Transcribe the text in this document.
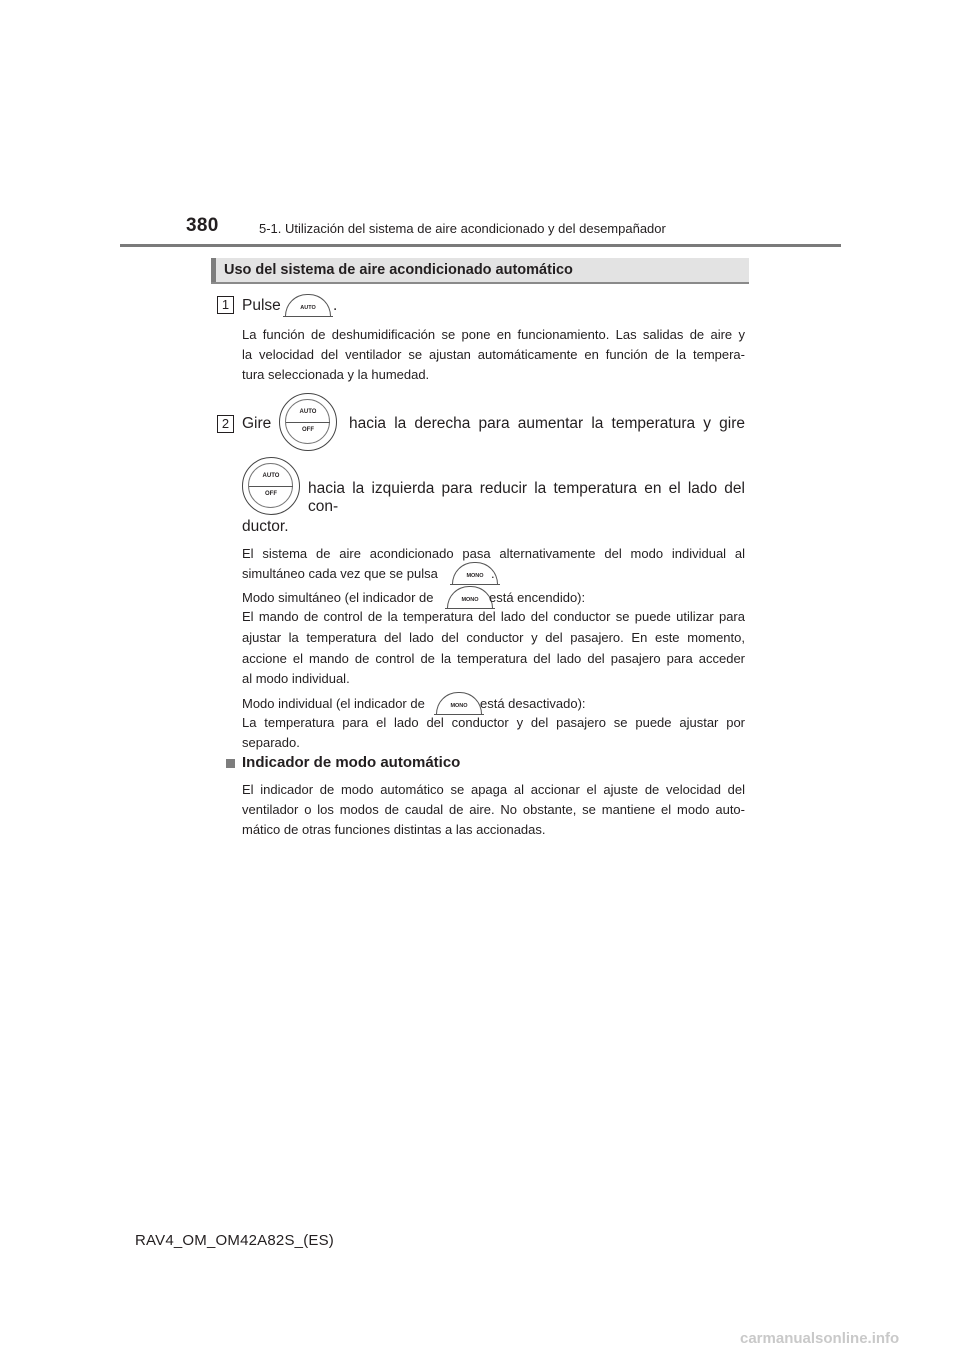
380	5-1. Utilización del sistema de aire acondicionado y del desempañador
Uso del sistema de aire acondicionado automático
1 Pulse	AUTO	.
La función de deshumidificación se pone en funcionamiento. Las salidas de aire y
la velocidad del ventilador se ajustan automáticamente en función de la tempera-
tura seleccionada y la humedad.
2 Gire
AUTO
OFF	hacia la derecha para aumentar la temperatura y gire
AUTO
OFF	hacia la izquierda para reducir la temperatura en el lado del con-
ductor.
El sistema de aire acondicionado pasa alternativamente del modo individual al
simultáneo cada vez que se pulsa	MONO .
Modo simultáneo (el indicador de	MONO está encendido):
El mando de control de la temperatura del lado del conductor se puede utilizar para
ajustar la temperatura del lado del conductor y del pasajero. En este momento,
accione el mando de control de la temperatura del lado del pasajero para acceder
al modo individual.
Modo individual (el indicador de	MONO está desactivado):
La temperatura para el lado del conductor y del pasajero se puede ajustar por
separado.
Indicador de modo automático
El indicador de modo automático se apaga al accionar el ajuste de velocidad del
ventilador o los modos de caudal de aire. No obstante, se mantiene el modo auto-
mático de otras funciones distintas a las accionadas.
RAV4_OM_OM42A82S_(ES)
carmanualsonline.info
